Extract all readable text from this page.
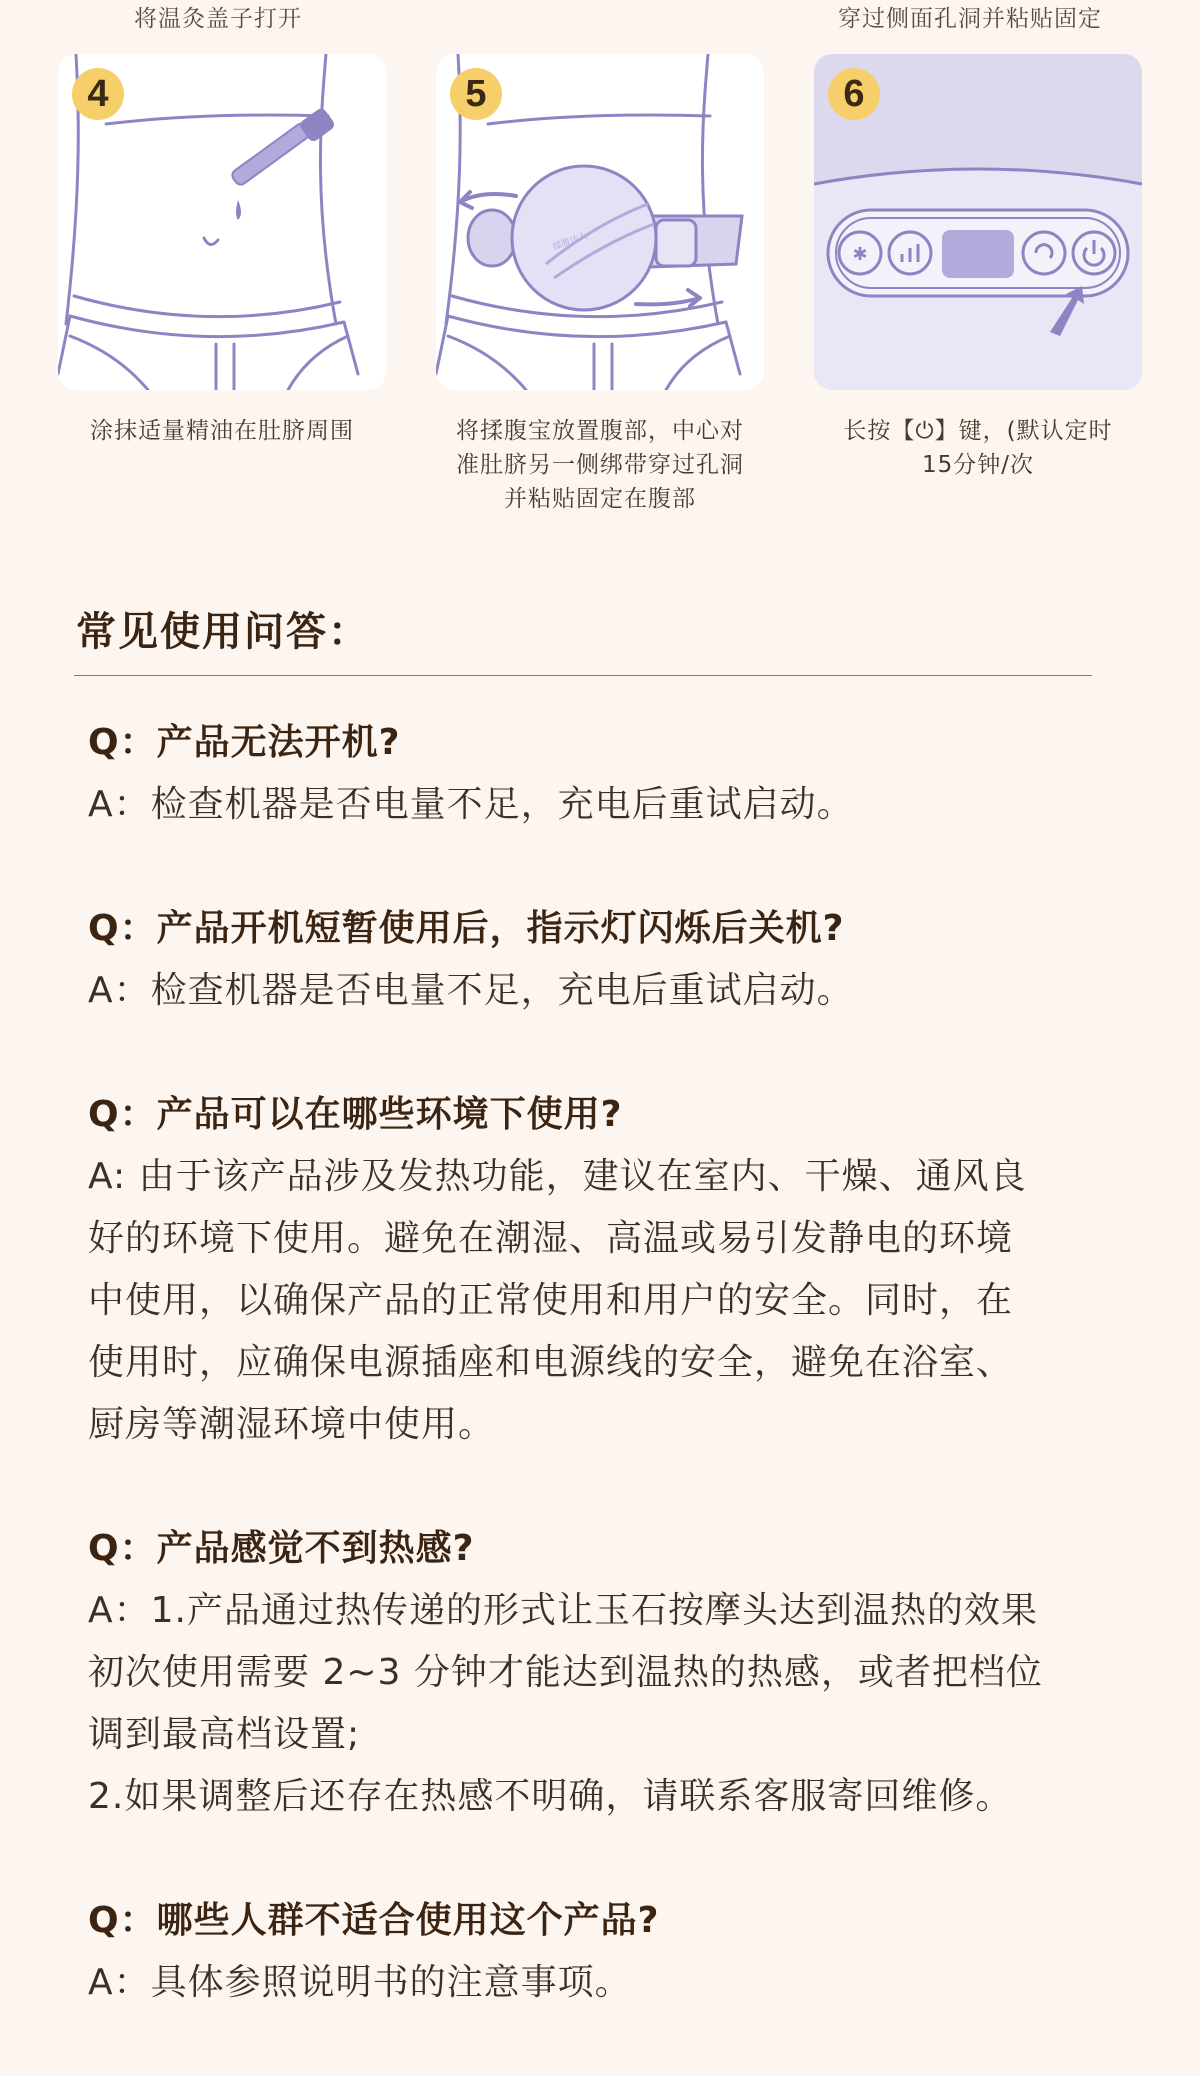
将温灸盖子打开	穿过侧面孔洞并粘贴固定
4	5
揉腹达人
6
✱
涂抹适量精油在肚脐周围	将揉腹宝放置腹部，中心对
准肚脐另一侧绑带穿过孔洞
并粘贴固定在腹部
长按【⏻】键，(默认定时
15分钟/次
常见使用问答：
Q：产品无法开机?
A：检查机器是否电量不足，充电后重试启动。
Q：产品开机短暂使用后，指示灯闪烁后关机?
A：检查机器是否电量不足，充电后重试启动。
Q：产品可以在哪些环境下使用?
A: 由于该产品涉及发热功能，建议在室内、干燥、通风良
好的环境下使用。避免在潮湿、高温或易引发静电的环境
中使用，以确保产品的正常使用和用户的安全。同时，在
使用时，应确保电源插座和电源线的安全，避免在浴室、
厨房等潮湿环境中使用。
Q：产品感觉不到热感?
A：1.产品通过热传递的形式让玉石按摩头达到温热的效果
初次使用需要 2~3 分钟才能达到温热的热感，或者把档位
调到最高档设置;
2.如果调整后还存在热感不明确，请联系客服寄回维修。
Q：哪些人群不适合使用这个产品?
A：具体参照说明书的注意事项。
